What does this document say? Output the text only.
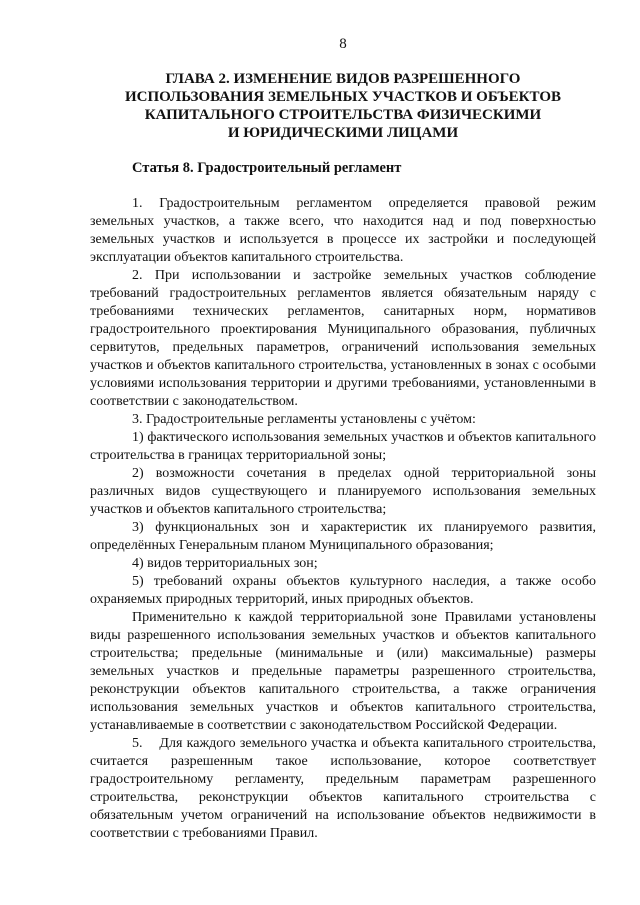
8
ГЛАВА 2. ИЗМЕНЕНИЕ ВИДОВ РАЗРЕШЕННОГО
ИСПОЛЬЗОВАНИЯ ЗЕМЕЛЬНЫХ УЧАСТКОВ И ОБЪЕКТОВ
КАПИТАЛЬНОГО СТРОИТЕЛЬСТВА ФИЗИЧЕСКИМИ
И ЮРИДИЧЕСКИМИ ЛИЦАМИ
Статья 8. Градостроительный регламент

1. Градостроительным регламентом определяется правовой режим земельных участков, а также всего, что находится над и под поверхностью земельных участков и используется в процессе их застройки и последующей эксплуатации объектов капитального строительства.

2. При использовании и застройке земельных участков соблюдение требований градостроительных регламентов является обязательным наряду с требованиями технических регламентов, санитарных норм, нормативов градостроительного проектирования Муниципального образования, публичных сервитутов, предельных параметров, ограничений использования земельных участков и объектов капитального строительства, установленных в зонах с особыми условиями использования территории и другими требованиями, установленными в соответствии с законодательством.

3. Градостроительные регламенты установлены с учётом:

1) фактического использования земельных участков и объектов капитального строительства в границах территориальной зоны;

2) возможности сочетания в пределах одной территориальной зоны различных видов существующего и планируемого использования земельных участков и объектов капитального строительства;

3) функциональных зон и характеристик их планируемого развития, определённых Генеральным планом Муниципального образования;

4) видов территориальных зон;

5) требований охраны объектов культурного наследия, а также особо охраняемых природных территорий, иных природных объектов.

Применительно к каждой территориальной зоне Правилами установлены виды разрешенного использования земельных участков и объектов капитального строительства; предельные (минимальные и (или) максимальные) размеры земельных участков и предельные параметры разрешенного строительства, реконструкции объектов капитального строительства, а также ограничения использования земельных участков и объектов капитального строительства, устанавливаемые в соответствии с законодательством Российской Федерации.

5.    Для каждого земельного участка и объекта капитального строительства, считается разрешенным такое использование, которое соответствует градостроительному регламенту, предельным параметрам разрешенного строительства, реконструкции объектов капитального строительства с обязательным учетом ограничений на использование объектов недвижимости в соответствии с требованиями Правил.
